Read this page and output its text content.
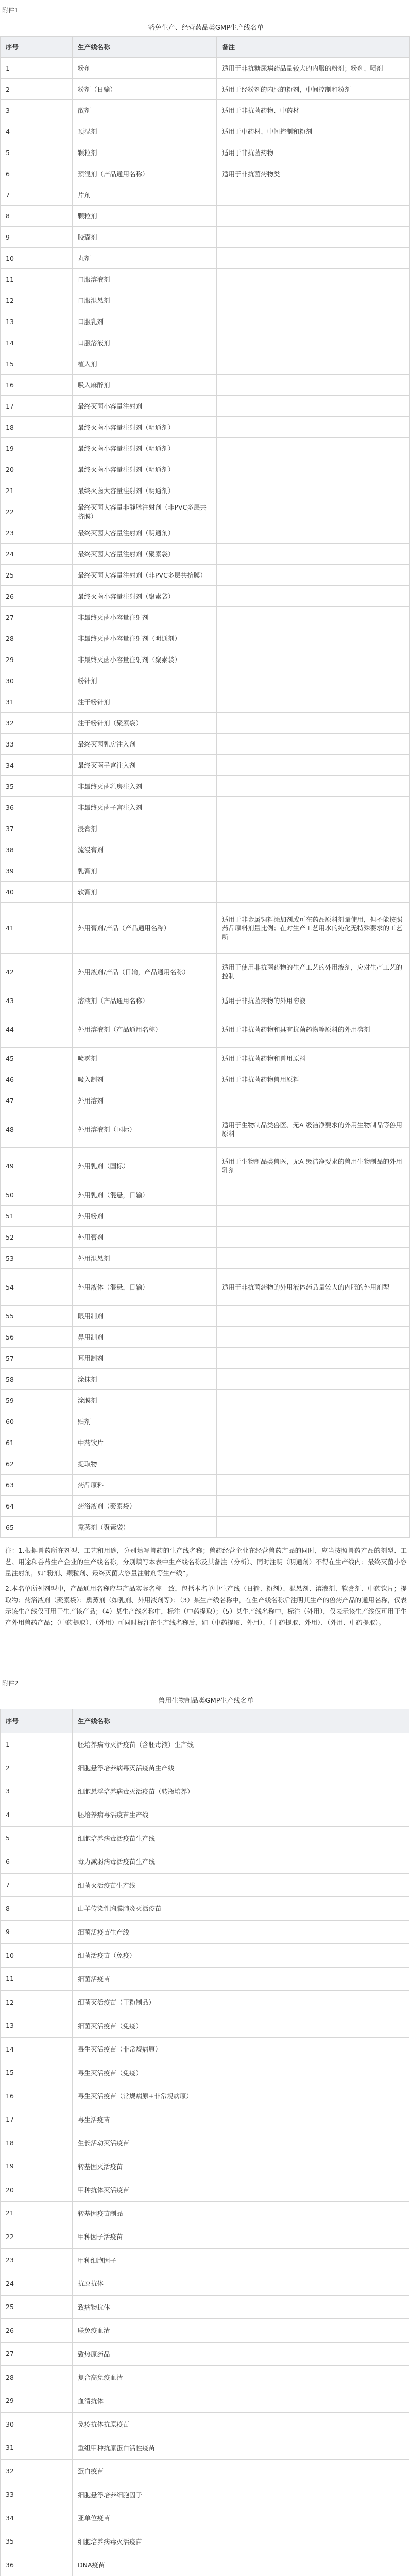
附件1
豁免生产、经营药品类GMP生产线名单
序号	生产线名称	备注
1	粉剂	适用于非抗糖尿病药品量较大的内服的粉剂；粉剂、喷剂
2	粉剂（日输）	适用于经粉剂的内服的粉剂，中间控制和粉剂
3	散剂	适用于非抗菌药物、中药材
4	预混剂	适用于中药材、中间控制和粉剂
5	颗粒剂	适用于非抗菌药物
6	预混剂（产品通用名称）	适用于非抗菌药物类
7	片剂	
8	颗粒剂	
9	胶囊剂	
10	丸剂	
11	口服溶液剂	
12	口服混悬剂	
13	口服乳剂	
14	口服溶液剂	
15	植入剂	
16	吸入麻醉剂	
17	最终灭菌小容量注射剂	
18	最终灭菌小容量注射剂（明通剂）	
19	最终灭菌小容量注射剂（明通剂）	
20	最终灭菌小容量注射剂（明通剂）	
21	最终灭菌大容量注射剂（明通剂）	
22	最终灭菌大容量非静脉注射剂（非PVC多层共挤膜）	
23	最终灭菌大容量注射剂（明通剂）	
24	最终灭菌大容量注射剂（聚素袋）	
25	最终灭菌大容量注射剂（非PVC多层共挤膜）	
26	最终灭菌小容量注射剂（聚素袋）	
27	非最终灭菌小容量注射剂	
28	非最终灭菌小容量注射剂（明通剂）	
29	非最终灭菌小容量注射剂（聚素袋）	
30	粉针剂	
31	注干粉针剂	
32	注干粉针剂（聚素袋）	
33	最终灭菌乳房注入剂	
34	最终灭菌子宫注入剂	
35	非最终灭菌乳房注入剂	
36	非最终灭菌子宫注入剂	
37	浸膏剂	
38	流浸膏剂	
39	乳膏剂	
40	软膏剂	
41	外用膏剂/产品（产品通用名称）	适用于非金属饲料添加剂或可在药品原料剂量使用，但不能按照药品原料剂量比例；在对生产工艺用水的纯化无特殊要求的工艺所
42	外用液剂/产品（日输，产品通用名称）	适用于使用非抗菌药物的生产工艺的外用液剂，应对生产工艺的控制
43	溶液剂（产品通用名称）	适用于非抗菌药物的外用溶液
44	外用溶液剂（产品通用名称）	适用于非抗菌药物和具有抗菌药物等原料的外用溶剂
45	喷雾剂	适用于非抗菌药物和兽用原料
46	吸入制剂	适用于非抗菌药物兽用原料
47	外用溶剂	
48	外用溶液剂（国标）	适用于生物制品类兽医、无A 级洁净要求的外用生物制品等兽用原料
49	外用乳剂（国标）	适用于生物制品类兽医，无A 级洁净要求的兽用生物制品的外用乳剂
50	外用乳剂（混悬，日输）	
51	外用粉剂	
52	外用膏剂	
53	外用混悬剂	
54	外用液体（混悬，日输）	适用于非抗菌药物的外用液体药品量较大的内服的外用剂型
55	眼用制剂	
56	鼻用制剂	
57	耳用制剂	
58	涂抹剂	
59	涂膜剂	
60	贴剂	
61	中药饮片	
62	提取物	
63	药品原料	
64	药浴液剂（聚素袋）	
65	熏蒸剂（聚素袋）	

注：1.根据兽药所在剂型、工艺和用途，分别填写兽药的生产线名称；兽药经营企业在经营兽药产品的同时，应当按照兽药产品的剂型、工艺、用途和兽药生产企业的生产线名称，分别填写本表中生产线名称及其备注（分析）、同时注明（明通剂）不得在生产线内；最终灭菌小容量注射剂，如“粉剂、颗粒剂、最终灭菌大容量注射剂等生产线”。

2.本名单所列剂型中，产品通用名称应与产品实际名称一致，包括本名单中生产线（日输、粉剂）、混悬剂、溶液剂、软膏剂、中药饮片；提取物；药浴液剂（聚素袋）；熏蒸剂（如乳剂、外用液剂等）；（3）某生产线名称中，在生产线名称后注明其生产的兽药产品的通用名称，仅表示该生产线仅可用于生产该产品；（4）某生产线名称中，标注（中药提取）；（5）某生产线名称中，标注（外用），仅表示该生产线仅可用于生产外用兽药产品；（中药提取）、（外用）可同时标注在生产线名称后，如（中药提取、外用）、（中药提取、外用）、（外用、中药提取）。

附件2
兽用生物制品类GMP生产线名单
序号	生产线名称
1	胚培养病毒灭活疫苗（含胚毒液）生产线
2	细胞悬浮培养病毒灭活疫苗生产线
3	细胞悬浮培养病毒灭活疫苗（转瓶培养）
4	胚培养病毒活疫苗生产线
5	细胞培养病毒活疫苗生产线
6	毒力减弱病毒活疫苗生产线
7	细菌灭活疫苗生产线
8	山羊传染性胸膜肺炎灭活疫苗
9	细菌活疫苗生产线
10	细菌活疫苗（免疫）
11	细菌活疫苗
12	细菌灭活疫苗（干粉制品）
13	细菌灭活疫苗（免疫）
14	毒生灭活疫苗（非常规病原）
15	毒生灭活疫苗（免疫）
16	毒生灭活疫苗（常规病原+非常规病原）
17	毒生活疫苗
18	生长活动灭活疫苗
19	转基因灭活疫苗
20	甲种抗体灭活疫苗
21	转基因疫苗制品
22	甲种因子活疫苗
23	甲种细胞因子
24	抗原抗体
25	致病物抗体
26	联免疫血清
27	致热原药品
28	复合高免疫血清
29	血清抗体
30	免疫抗体抗原疫苗
31	重组甲种抗原蛋白活性疫苗
32	蛋白疫苗
33	细胞悬浮培养细胞因子
34	亚单位疫苗
35	细胞培养病毒灭活疫苗
36	DNA疫苗
